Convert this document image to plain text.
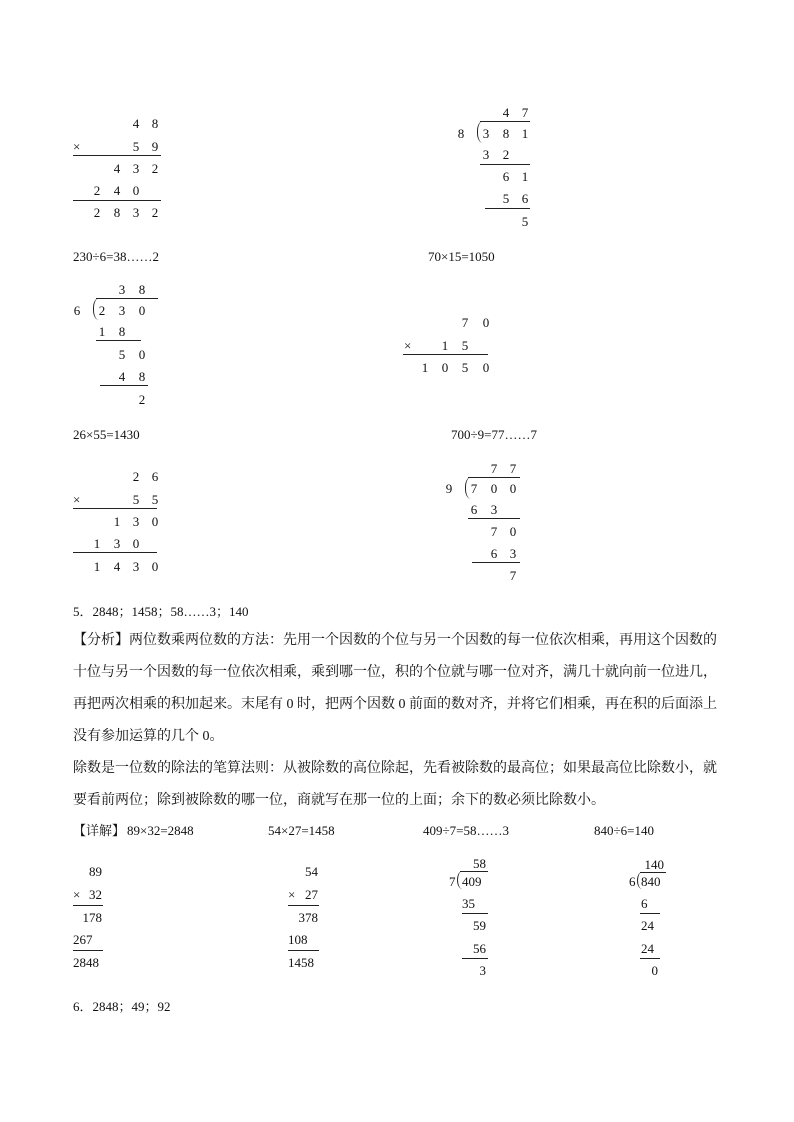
4 8
×	5 9
4 3 2
2 4 0
2 8 3 2
4 7
8 3 8 1
3 2
6 1
5 6
5
230÷6=38……2
3 8
6 2 3 0
1 8
5 0
4 8
2
70×15=1050
7 0
× 1 5
1 0 5 0
26×55=1430
2 6
×	5 5
1 3 0
1 3 0
1 4 3 0
700÷9=77……7
7 7
9 7 0 0
6 3
7 0
6 3
7
5．2848；1458；58……3；140
【分析】两位数乘两位数的方法：先用一个因数的个位与另一个因数的每一位依次相乘，再用这个因数的
十位与另一个因数的每一位依次相乘，乘到哪一位，积的个位就与哪一位对齐，满几十就向前一位进几，
再把两次相乘的积加起来。末尾有 0 时，把两个因数 0 前面的数对齐，并将它们相乘，再在积的后面添上
没有参加运算的几个 0。
除数是一位数的除法的笔算法则：从被除数的高位除起，先看被除数的最高位；如果最高位比除数小，就
要看前两位；除到被除数的哪一位，商就写在那一位的上面；余下的数必须比除数小。
【详解】 89×32=2848	54×27=1458	409÷7=58……3	840÷6=140
89
× 32
178
267
2848
54
× 27
378
108
1458
58
7 409
35
59
56
3
140
6 840
6
24
24
0
6．2848；49；92
